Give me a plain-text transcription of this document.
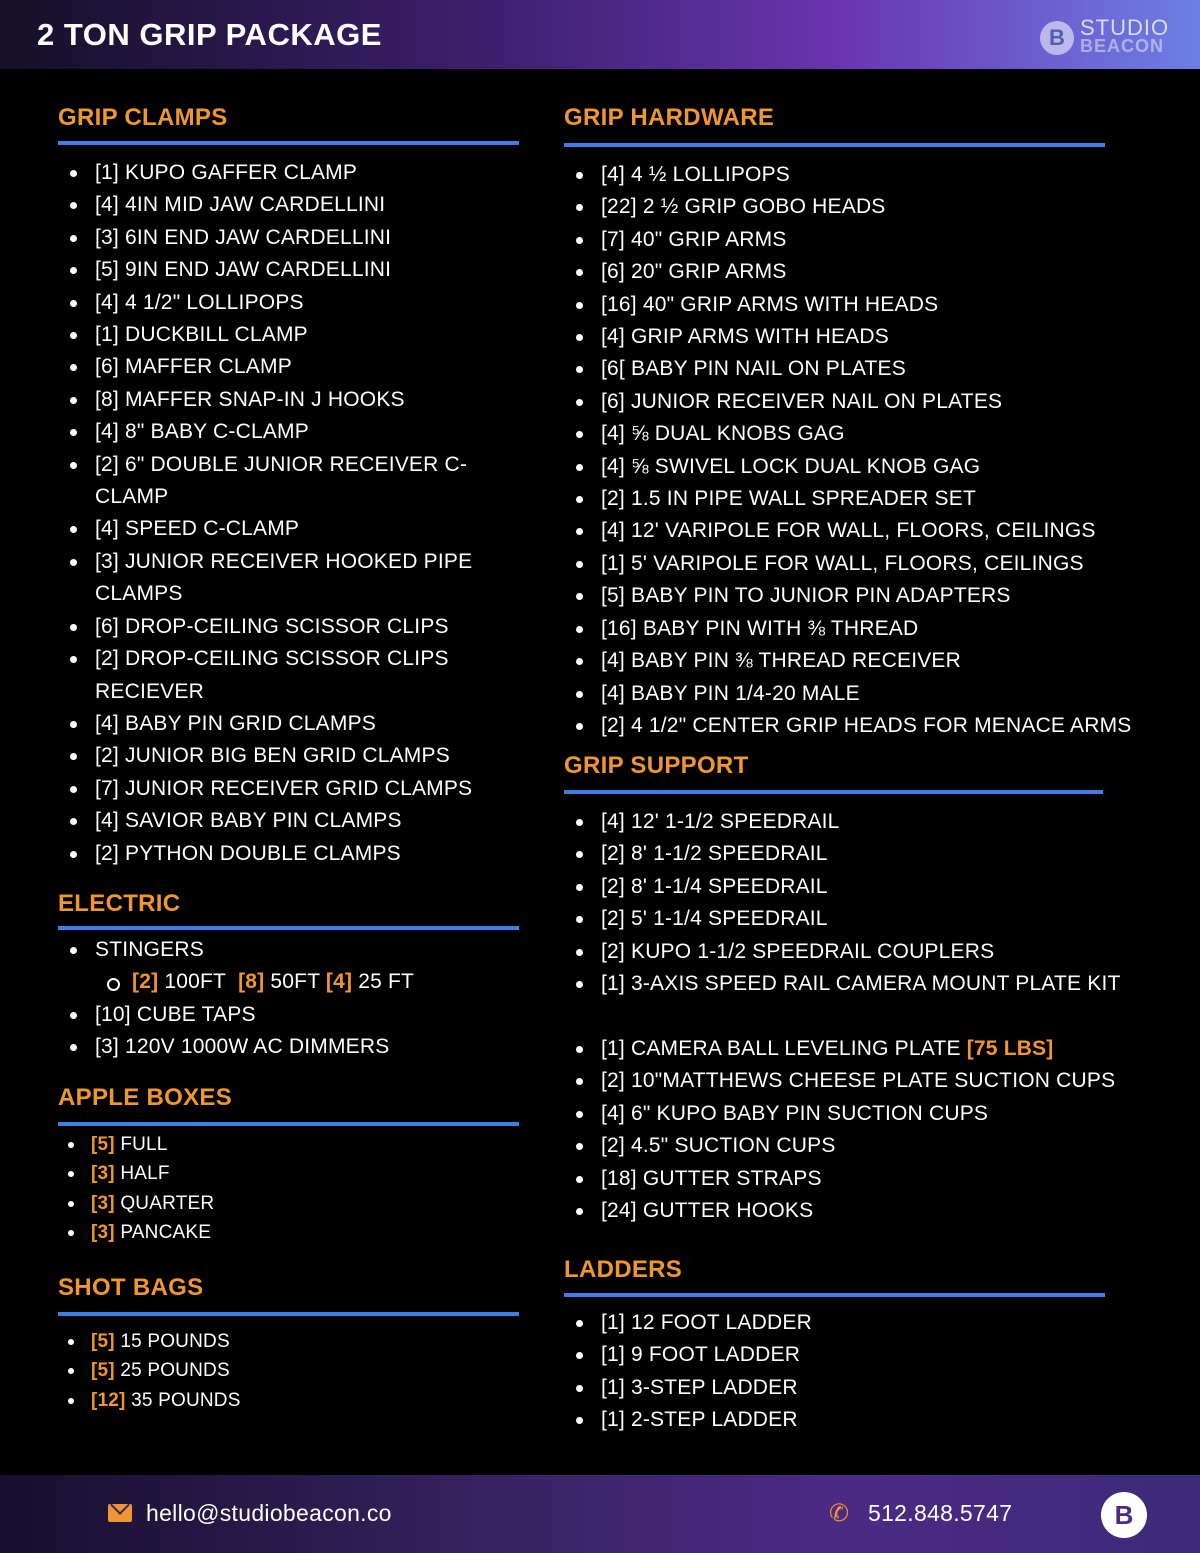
2 TON GRIP PACKAGE	B STUDIO
BEACON
GRIP CLAMPS
[1] KUPO GAFFER CLAMP
[4] 4IN MID JAW CARDELLINI
[3] 6IN END JAW CARDELLINI
[5] 9IN END JAW CARDELLINI
[4] 4 1/2" LOLLIPOPS
[1] DUCKBILL CLAMP
[6] MAFFER CLAMP
[8] MAFFER SNAP-IN J HOOKS
[4] 8" BABY C-CLAMP
[2] 6" DOUBLE JUNIOR RECEIVER C-CLAMP
[4] SPEED C-CLAMP
[3] JUNIOR RECEIVER HOOKED PIPE CLAMPS
[6] DROP-CEILING SCISSOR CLIPS
[2] DROP-CEILING SCISSOR CLIPS RECIEVER
[4] BABY PIN GRID CLAMPS
[2] JUNIOR BIG BEN GRID CLAMPS
[7] JUNIOR RECEIVER GRID CLAMPS
[4] SAVIOR BABY PIN CLAMPS
[2] PYTHON DOUBLE CLAMPS
ELECTRIC
STINGERS
[2] 100FT [8] 50FT [4] 25 FT
[10] CUBE TAPS
[3] 120V 1000W AC DIMMERS
APPLE BOXES
[5] FULL
[3] HALF
[3] QUARTER
[3] PANCAKE
SHOT BAGS
[5] 15 POUNDS
[5] 25 POUNDS
[12] 35 POUNDS
GRIP HARDWARE
[4] 4 ½ LOLLIPOPS
[22] 2 ½ GRIP GOBO HEADS
[7] 40" GRIP ARMS
[6] 20" GRIP ARMS
[16] 40" GRIP ARMS WITH HEADS
[4] GRIP ARMS WITH HEADS
[6[ BABY PIN NAIL ON PLATES
[6] JUNIOR RECEIVER NAIL ON PLATES
[4] ⅝ DUAL KNOBS GAG
[4] ⅝ SWIVEL LOCK DUAL KNOB GAG
[2] 1.5 IN PIPE WALL SPREADER SET
[4] 12' VARIPOLE FOR WALL, FLOORS, CEILINGS
[1] 5' VARIPOLE FOR WALL, FLOORS, CEILINGS
[5] BABY PIN TO JUNIOR PIN ADAPTERS
[16] BABY PIN WITH ⅜ THREAD
[4] BABY PIN ⅜ THREAD RECEIVER
[4] BABY PIN 1/4-20 MALE
[2] 4 1/2" CENTER GRIP HEADS FOR MENACE ARMS
GRIP SUPPORT
[4] 12' 1-1/2 SPEEDRAIL
[2] 8' 1-1/2 SPEEDRAIL
[2] 8' 1-1/4 SPEEDRAIL
[2] 5' 1-1/4 SPEEDRAIL
[2] KUPO 1-1/2 SPEEDRAIL COUPLERS
[1] 3-AXIS SPEED RAIL CAMERA MOUNT PLATE KIT
[1] CAMERA BALL LEVELING PLATE [75 LBS]
[2] 10"MATTHEWS CHEESE PLATE SUCTION CUPS
[4] 6" KUPO BABY PIN SUCTION CUPS
[2] 4.5" SUCTION CUPS
[18] GUTTER STRAPS
[24] GUTTER HOOKS
LADDERS
[1] 12 FOOT LADDER
[1] 9 FOOT LADDER
[1] 3-STEP LADDER
[1] 2-STEP LADDER
hello@studiobeacon.co	✆ 512.848.5747	B
